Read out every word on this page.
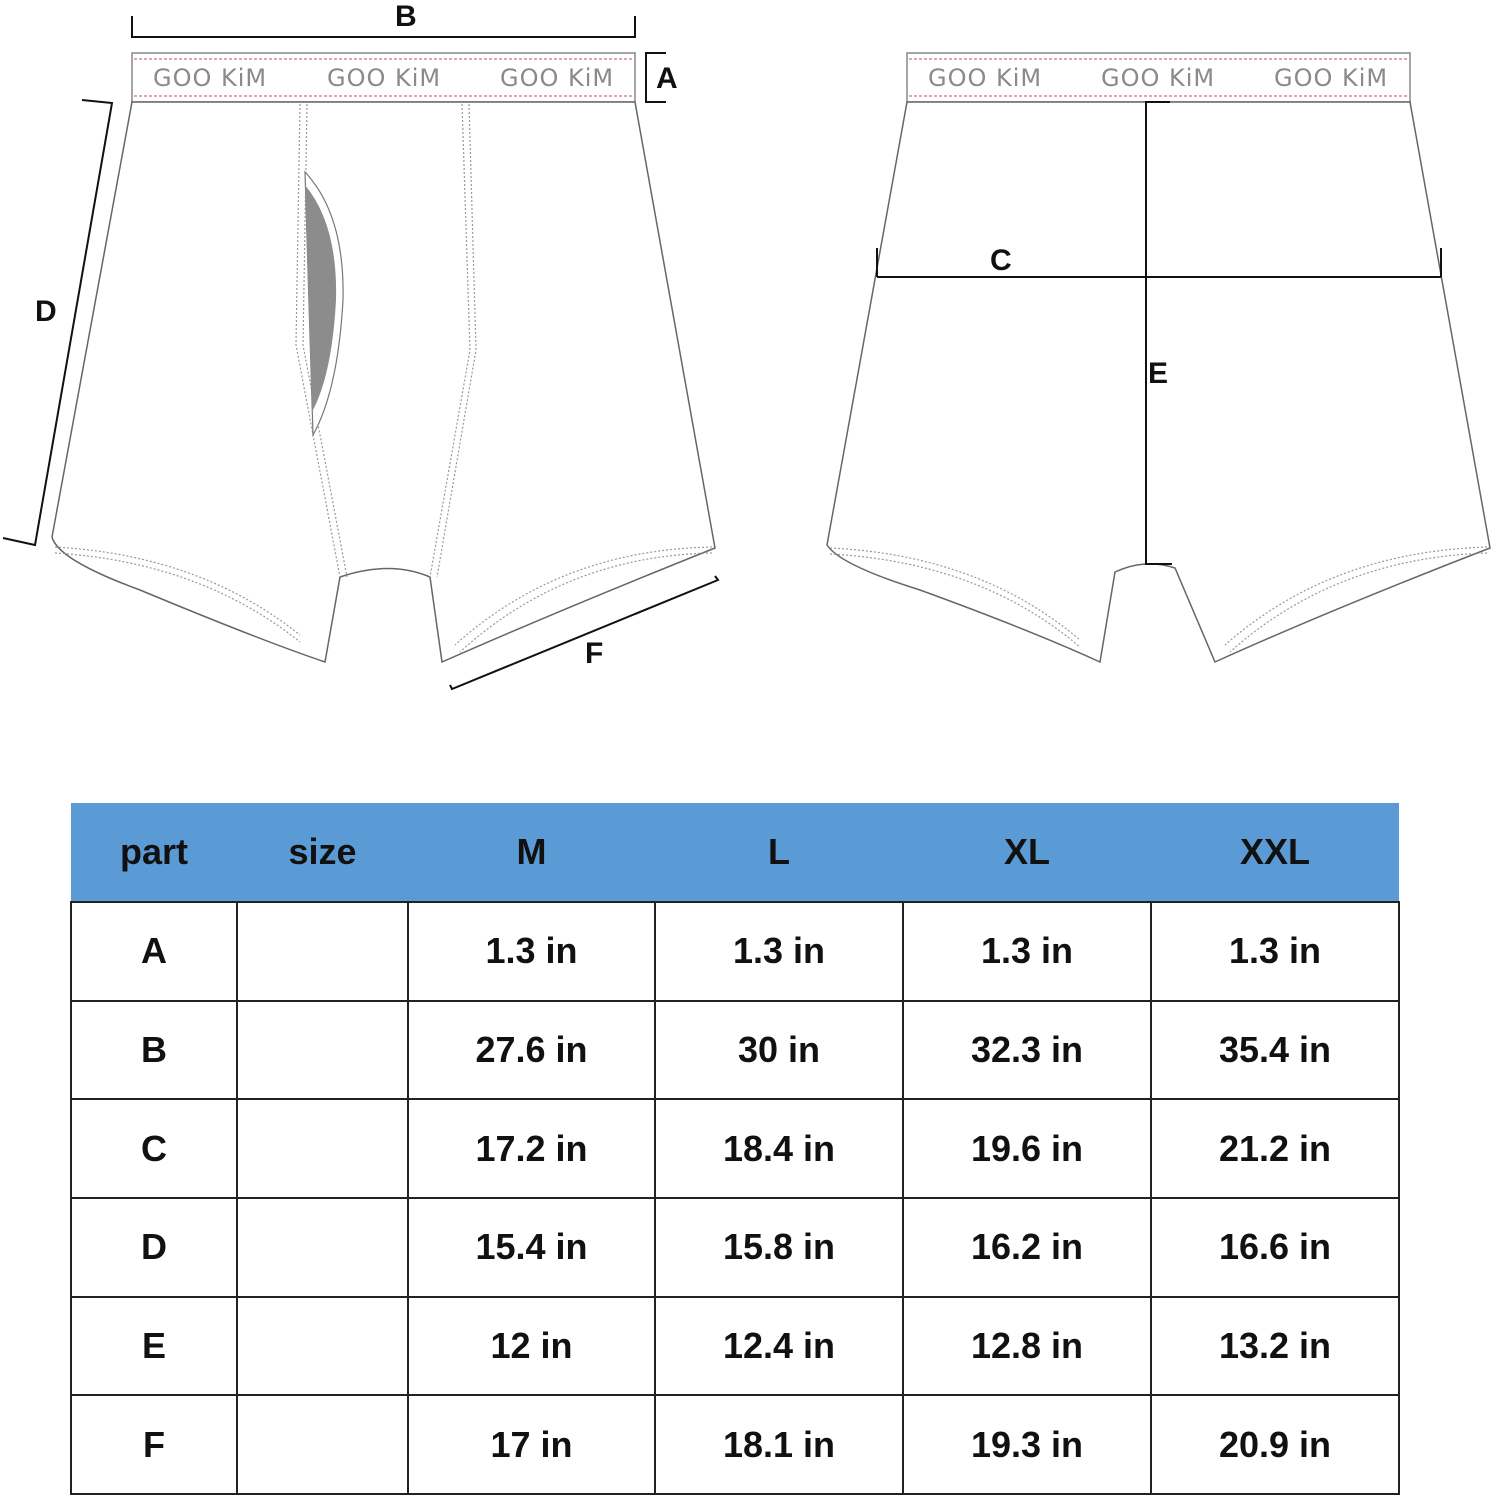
GOO KiM GOO KiM GOO KiM
B
A
D
F
GOO KiM GOO KiM GOO KiM
C
E
part	size	M	L	XL	XXL
A		1.3 in	1.3 in	1.3 in	1.3 in
B		27.6 in	30 in	32.3 in	35.4 in
C		17.2 in	18.4 in	19.6 in	21.2 in
D		15.4 in	15.8 in	16.2 in	16.6 in
E		12 in	12.4 in	12.8 in	13.2 in
F		17 in	18.1 in	19.3 in	20.9 in
